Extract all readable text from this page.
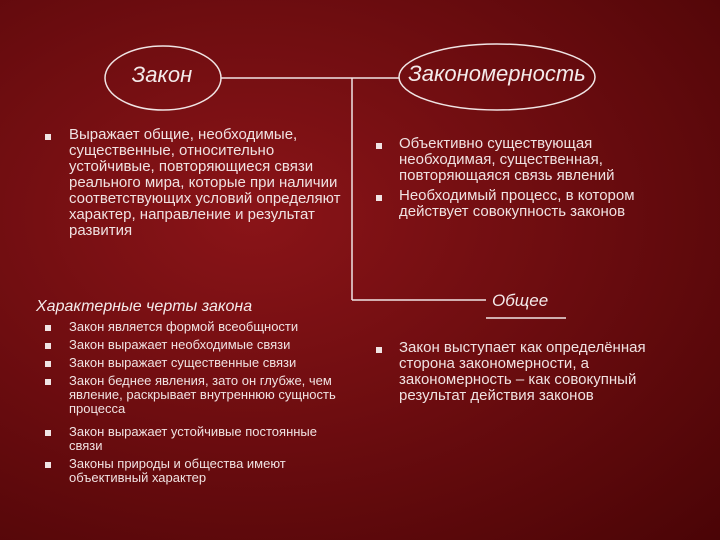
Закон	Закономерность
Выражает общие, необходимые, существенные, относительно устойчивые, повторяющиеся связи реального мира, которые при наличии соответствующих условий определяют характер, направление и результат развития
Объективно существующая необходимая, существенная, повторяющаяся связь явлений
Необходимый процесс, в котором действует совокупность законов
Характерные черты закона
Закон является формой всеобщности
Закон выражает необходимые связи
Закон выражает существенные связи
Закон беднее явления, зато он глубже, чем явление, раскрывает внутреннюю сущность процесса
Закон выражает устойчивые постоянные связи
Законы природы и общества имеют объективный характер
Общее
Закон выступает как определённая сторона закономерности, а закономерность – как совокупный результат действия законов
